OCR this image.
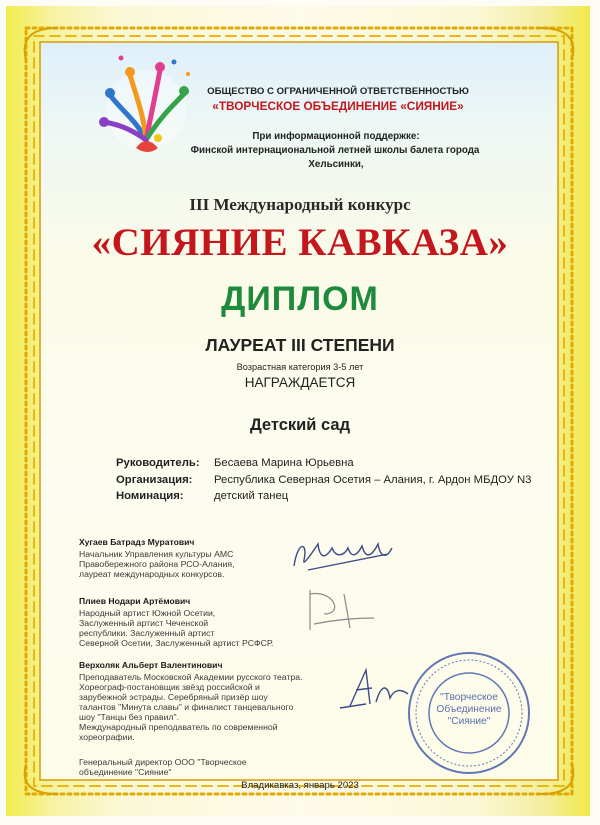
ОБЩЕСТВО С ОГРАНИЧЕННОЙ ОТВЕТСТВЕННОСТЬЮ
«ТВОРЧЕСКОЕ ОБЪЕДИНЕНИЕ «СИЯНИЕ»
При информационной поддержке:
Финской интернациональной летней школы балета города
Хельсинки,
III Международный конкурс
«СИЯНИЕ КАВКАЗА»
ДИПЛОМ
ЛАУРЕАТ III СТЕПЕНИ
Возрастная категория 3-5 лет
НАГРАЖДАЕТСЯ
Детский сад
Руководитель: Бесаева Марина Юрьевна
Организация: Республика Северная Осетия – Алания, г. Ардон МБДОУ N3
Номинация:	детский танец
Хугаев Батрадз Муратович
Начальник Управления культуры АМС
Правобережного района РСО-Алания,
лауреат международных конкурсов.
Плиев Нодари Артёмович
Народный артист Южной Осетии,
Заслуженный артист Чеченской
республики. Заслуженный артист
Северной Осетии, Заслуженный артист РСФСР.
Верхоляк Альберт Валентинович
Преподаватель Московской Академии русского театра.
Хореограф-постановщик звёзд российской и
зарубежной эстрады. Серебряный призёр шоу
талантов "Минута славы" и финалист танцевального
шоу "Танцы без правил".
Международный преподаватель по современной
хореографии.
Генеральный директор ООО "Творческое
объединение "Сияние"
Владикавказ, январь 2023
"Творческое Объединение "Сияние"
